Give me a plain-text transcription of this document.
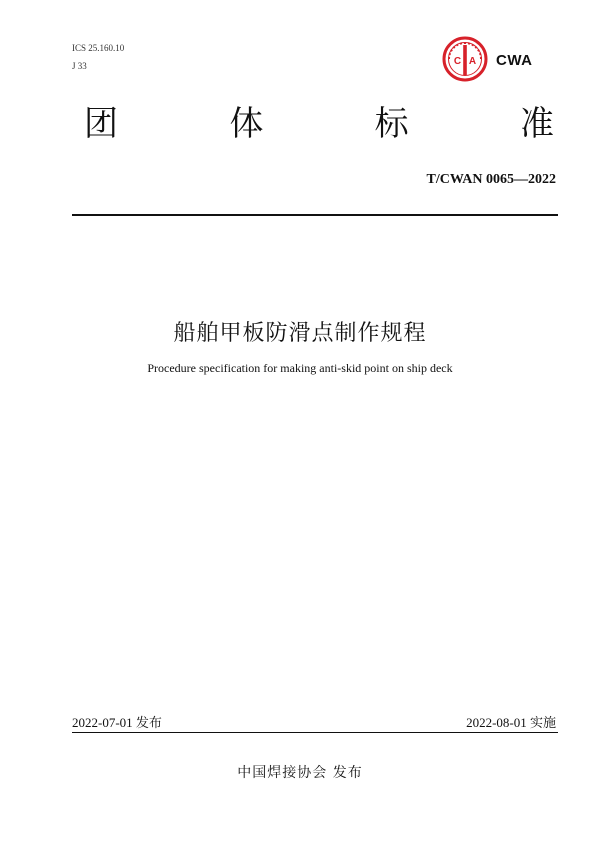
ICS 25.160.10
J 33	C A CWA
团	体	标	准
T/CWAN 0065—2022
船舶甲板防滑点制作规程
Procedure specification for making anti-skid point on ship deck
2022-07-01 发布	2022-08-01 实施
中国焊接协会 发布
